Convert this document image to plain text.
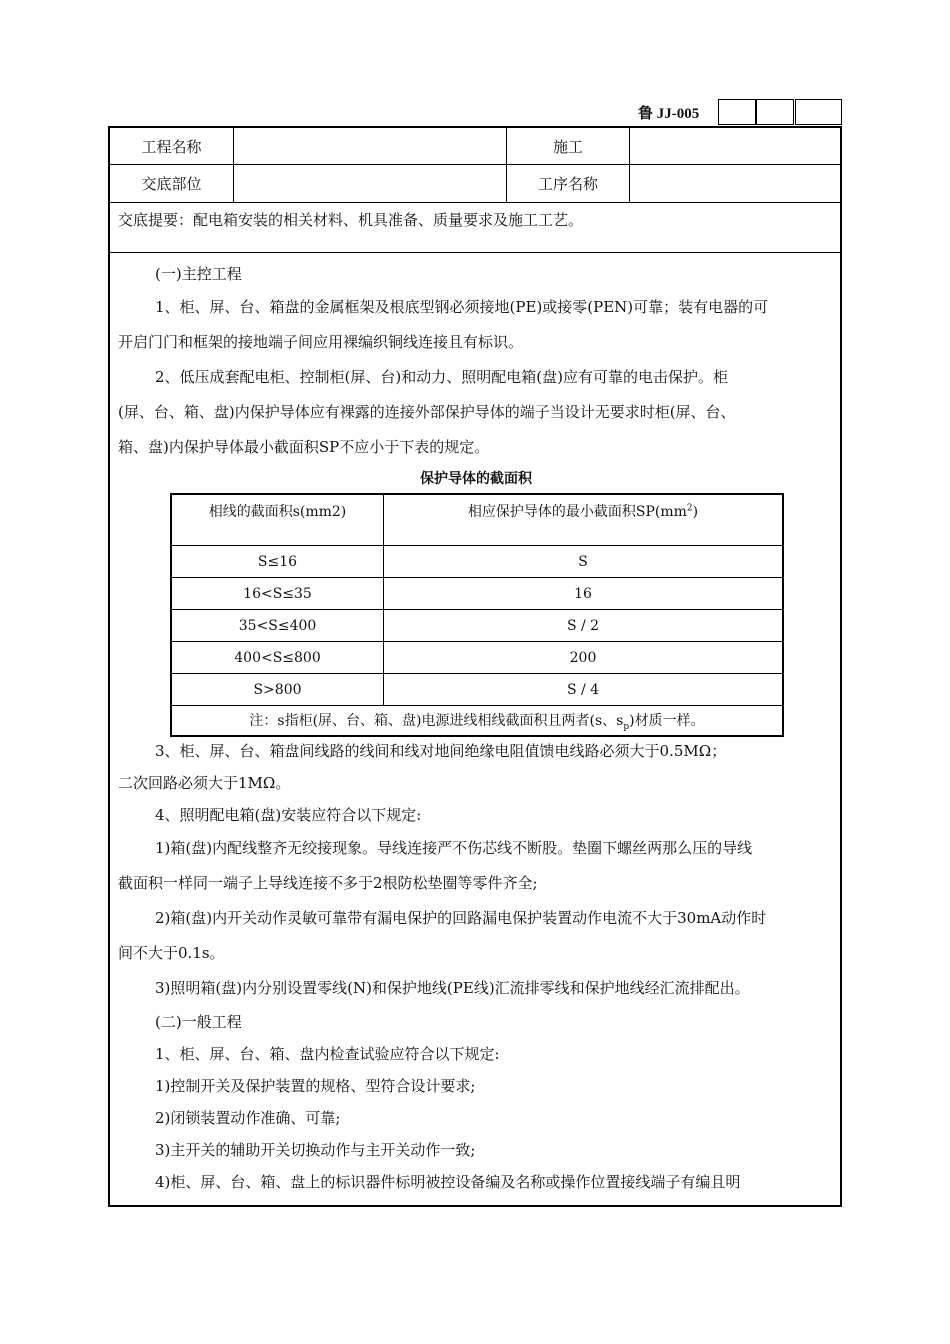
鲁 JJ-005
工程名称	施工
交底部位	工序名称
交底提要：配电箱安装的相关材料、机具准备、质量要求及施工工艺。

(一)主控工程

1、柜、屏、台、箱盘的金属框架及根底型钢必须接地(PE)或接零(PEN)可靠；装有电器的可

开启门门和框架的接地端子间应用裸编织铜线连接且有标识。

2、低压成套配电柜、控制柜(屏、台)和动力、照明配电箱(盘)应有可靠的电击保护。柜

(屏、台、箱、盘)内保护导体应有裸露的连接外部保护导体的端子当设计无要求时柜(屏、台、

箱、盘)内保护导体最小截面积SP不应小于下表的规定。

保护导体的截面积

相线的截面积s(mm2)	相应保护导体的最小截面积$SP(mm^2)$
S≤16	S
16<S≤35	16
35<S≤400	S / 2
400<S≤800	200
S>800	S / 4
注：s指柜(屏、台、箱、盘)电源进线相线截面积且两者(s、$s_p$)材质一样。	

3、柜、屏、台、箱盘间线路的线间和线对地间绝缘电阻值馈电线路必须大于0.5MΩ；

二次回路必须大于1MΩ。

4、照明配电箱(盘)安装应符合以下规定:

1)箱(盘)内配线整齐无绞接现象。导线连接严不伤芯线不断股。垫圈下螺丝两那么压的导线

截面积一样同一端子上导线连接不多于2根防松垫圈等零件齐全;

2)箱(盘)内开关动作灵敏可靠带有漏电保护的回路漏电保护装置动作电流不大于30mA动作时

间不大于0.1s。

3)照明箱(盘)内分别设置零线(N)和保护地线(PE线)汇流排零线和保护地线经汇流排配出。

(二)一般工程

1、柜、屏、台、箱、盘内检查试验应符合以下规定:

1)控制开关及保护装置的规格、型符合设计要求;

2)闭锁装置动作准确、可靠;

3)主开关的辅助开关切换动作与主开关动作一致;

4)柜、屏、台、箱、盘上的标识器件标明被控设备编及名称或操作位置接线端子有编且明
